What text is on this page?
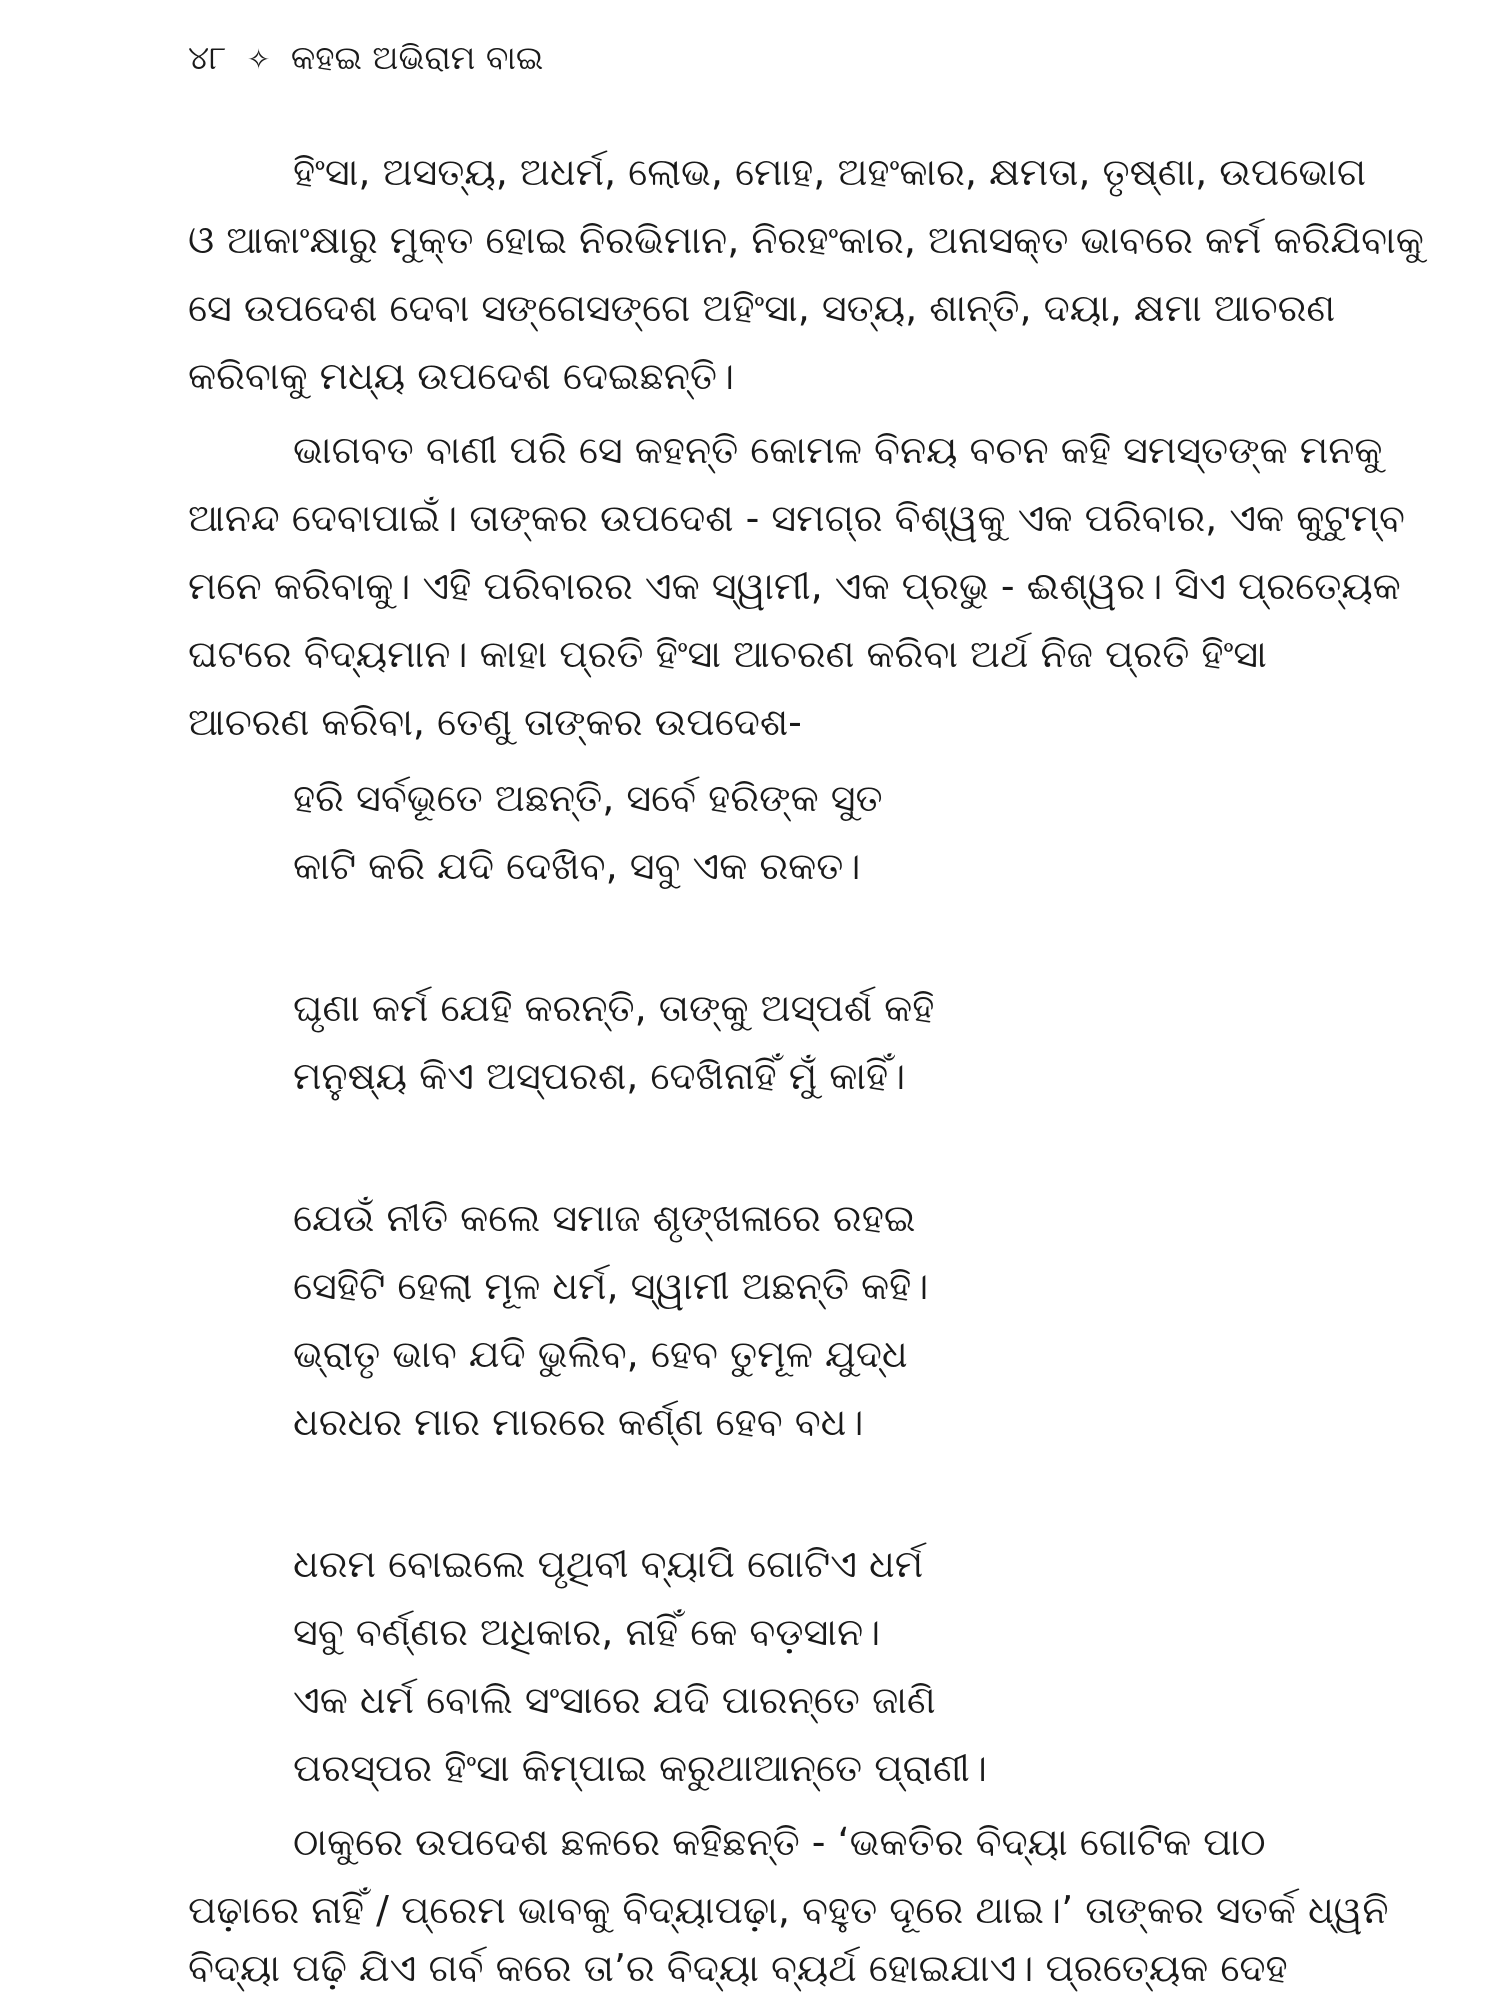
୪୮ ✧ କହଇ ଅଭିରାମ ବାଇ
ହିଂସା, ଅସତ୍ୟ, ଅଧର୍ମ, ଲୋଭ, ମୋହ, ଅହଂକାର, କ୍ଷମତା, ତୃଷ୍ଣା, ଉପଭୋଗ
ଓ ଆକାଂକ୍ଷାରୁ ମୁକ୍ତ ହୋଇ ନିରଭିମାନ, ନିରହଂକାର, ଅନାସକ୍ତ ଭାବରେ କର୍ମ କରିଯିବାକୁ
ସେ ଉପଦେଶ ଦେବା ସଙ୍ଗେସଙ୍ଗେ ଅହିଂସା, ସତ୍ୟ, ଶାନ୍ତି, ଦୟା, କ୍ଷମା ଆଚରଣ
କରିବାକୁ ମଧ୍ୟ ଉପଦେଶ ଦେଇଛନ୍ତି।
ଭାଗବତ ବାଣୀ ପରି ସେ କହନ୍ତି କୋମଳ ବିନୟ ବଚନ କହି ସମସ୍ତଙ୍କ ମନକୁ
ଆନନ୍ଦ ଦେବାପାଇଁ। ତାଙ୍କର ଉପଦେଶ - ସମଗ୍ର ବିଶ୍ୱକୁ ଏକ ପରିବାର, ଏକ କୁଟୁମ୍ବ
ମନେ କରିବାକୁ। ଏହି ପରିବାରର ଏକ ସ୍ୱାମୀ, ଏକ ପ୍ରଭୁ - ଈଶ୍ୱର। ସିଏ ପ୍ରତ୍ୟେକ
ଘଟରେ ବିଦ୍ୟମାନ। କାହା ପ୍ରତି ହିଂସା ଆଚରଣ କରିବା ଅର୍ଥ ନିଜ ପ୍ରତି ହିଂସା
ଆଚରଣ କରିବା, ତେଣୁ ତାଙ୍କର ଉପଦେଶ-
ହରି ସର୍ବଭୂତେ ଅଛନ୍ତି, ସର୍ବେ ହରିଙ୍କ ସୁତ
କାଟି କରି ଯଦି ଦେଖିବ, ସବୁ ଏକ ରକତ।
ଘୃଣା କର୍ମ ଯେହି କରନ୍ତି, ତାଙ୍କୁ ଅସ୍ପର୍ଶ କହି
ମନୁଷ୍ୟ କିଏ ଅସ୍ପରଶ, ଦେଖିନାହିଁ ମୁଁ କାହିଁ।
ଯେଉଁ ନୀତି କଲେ ସମାଜ ଶୃଙ୍ଖଳାରେ ରହଇ
ସେହିଟି ହେଲା ମୂଳ ଧର୍ମ, ସ୍ୱାମୀ ଅଛନ୍ତି କହି।
ଭ୍ରାତୃ ଭାବ ଯଦି ଭୁଲିବ, ହେବ ତୁମୂଳ ଯୁଦ୍ଧ
ଧରଧର ମାର ମାରରେ କର୍ଣ୍ଣ ହେବ ବଧ।
ଧରମ ବୋଇଲେ ପୃଥିବୀ ବ୍ୟାପି ଗୋଟିଏ ଧର୍ମ
ସବୁ ବର୍ଣ୍ଣର ଅଧିକାର, ନାହିଁ କେ ବଡ଼ସାନ।
ଏକ ଧର୍ମ ବୋଲି ସଂସାରେ ଯଦି ପାରନ୍ତେ ଜାଣି
ପରସ୍ପର ହିଂସା କିମ୍ପାଇ କରୁଥାଆନ୍ତେ ପ୍ରାଣୀ।
ଠାକୁରେ ଉପଦେଶ ଛଳରେ କହିଛନ୍ତି - ‘ଭକତିର ବିଦ୍ୟା ଗୋଟିକ ପାଠ
ପଢ଼ାରେ ନାହିଁ / ପ୍ରେମ ଭାବକୁ ବିଦ୍ୟାପଢ଼ା, ବହୁତ ଦୂରେ ଥାଇ।’ ତାଙ୍କର ସତର୍କ ଧ୍ୱନି
ବିଦ୍ୟା ପଢ଼ି ଯିଏ ଗର୍ବ କରେ ତା’ର ବିଦ୍ୟା ବ୍ୟର୍ଥ ହୋଇଯାଏ। ପ୍ରତ୍ୟେକ ଦେହ
